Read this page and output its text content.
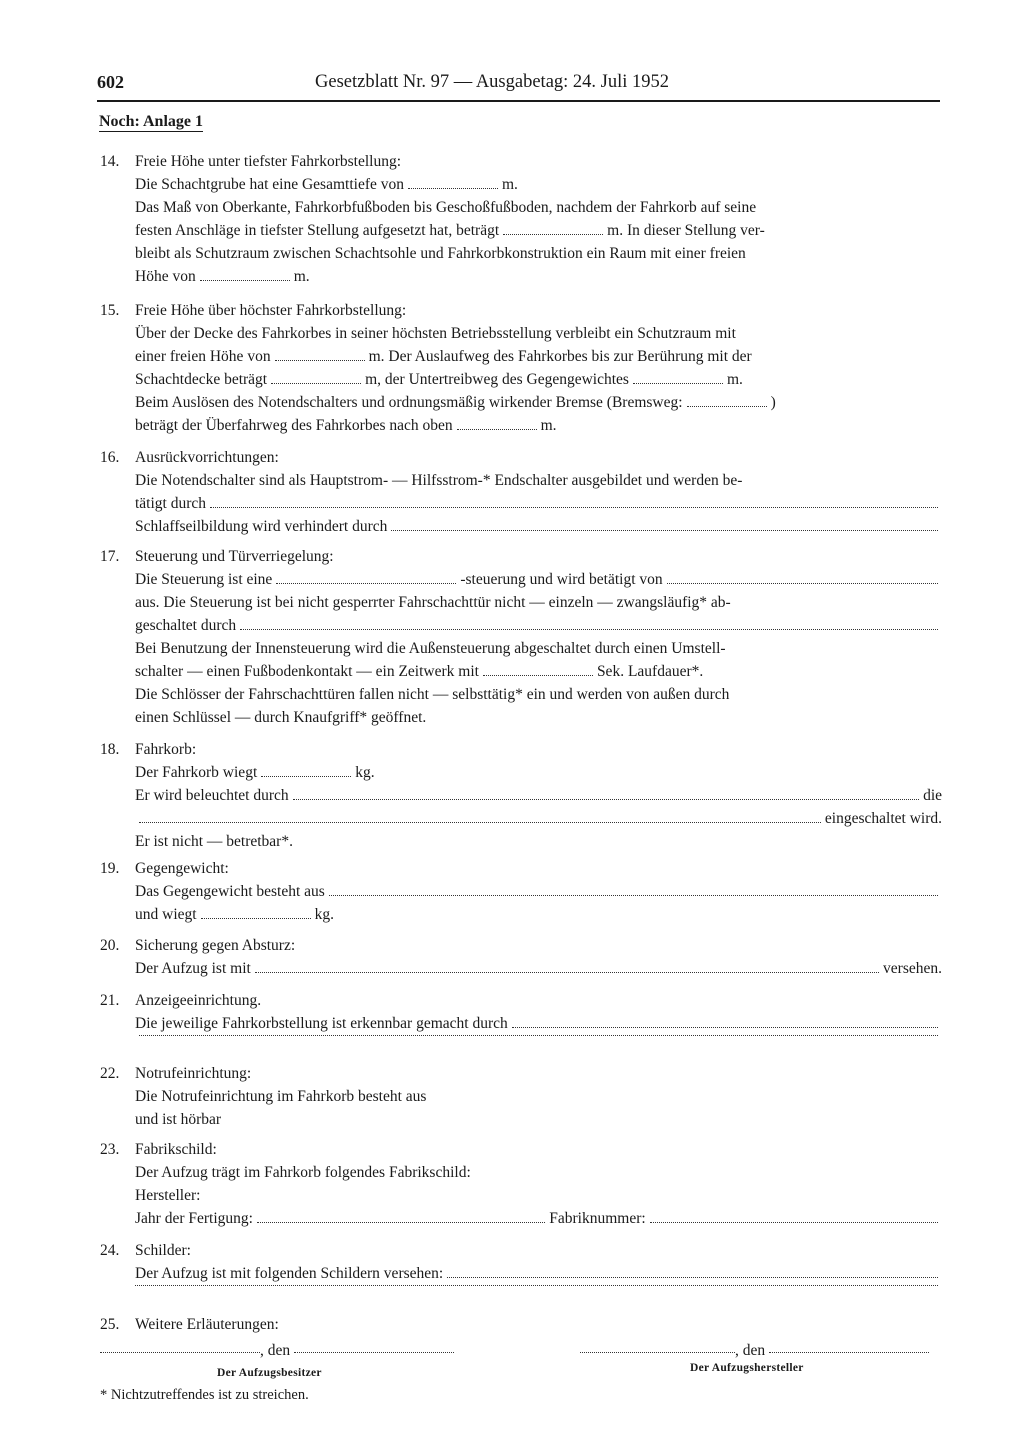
602	Gesetzblatt Nr. 97 — Ausgabetag: 24. Juli 1952
Noch: Anlage 1
14.	Freie Höhe unter tiefster Fahrkorbstellung:
Die Schachtgrube hat eine Gesamttiefe von	m.
Das Maß von Oberkante, Fahrkorbfußboden bis Geschoßfußboden, nachdem der Fahrkorb auf seine
festen Anschläge in tiefster Stellung aufgesetzt hat, beträgt	m. In dieser Stellung ver-
bleibt als Schutzraum zwischen Schachtsohle und Fahrkorbkonstruktion ein Raum mit einer freien
Höhe von	m.
15.	Freie Höhe über höchster Fahrkorbstellung:
Über der Decke des Fahrkorbes in seiner höchsten Betriebsstellung verbleibt ein Schutzraum mit
einer freien Höhe von	m. Der Auslaufweg des Fahrkorbes bis zur Berührung mit der
Schachtdecke beträgt	m, der Untertreibweg des Gegengewichtes	m.
Beim Auslösen des Notendschalters und ordnungsmäßig wirkender Bremse (Bremsweg:	)
beträgt der Überfahrweg des Fahrkorbes nach oben	m.
16.	Ausrückvorrichtungen:
Die Notendschalter sind als Hauptstrom- — Hilfsstrom-* Endschalter ausgebildet und werden be-
tätigt durch
Schlaffseilbildung wird verhindert durch
17.	Steuerung und Türverriegelung:
Die Steuerung ist eine	-steuerung und wird betätigt von
aus. Die Steuerung ist bei nicht gesperrter Fahrschachttür nicht — einzeln — zwangsläufig* ab-
geschaltet durch
Bei Benutzung der Innensteuerung wird die Außensteuerung abgeschaltet durch einen Umstell-
schalter — einen Fußbodenkontakt — ein Zeitwerk mit	Sek. Laufdauer*.
Die Schlösser der Fahrschachttüren fallen nicht — selbsttätig* ein und werden von außen durch
einen Schlüssel — durch Knaufgriff* geöffnet.
18.	Fahrkorb:
Der Fahrkorb wiegt	kg.
Er wird beleuchtet durch	die
eingeschaltet wird.
Er ist nicht — betretbar*.
19.	Gegengewicht:
Das Gegengewicht besteht aus
und wiegt	kg.
20.	Sicherung gegen Absturz:
Der Aufzug ist mit	versehen.
21.	Anzeigeeinrichtung.
Die jeweilige Fahrkorbstellung ist erkennbar gemacht durch
22.	Notrufeinrichtung:
Die Notrufeinrichtung im Fahrkorb besteht aus
und ist hörbar
23.	Fabrikschild:
Der Aufzug trägt im Fahrkorb folgendes Fabrikschild:
Hersteller:
Jahr der Fertigung:	Fabriknummer:
24.	Schilder:
Der Aufzug ist mit folgenden Schildern versehen:
25.	Weitere Erläuterungen:
, den
Der Aufzugsbesitzer
, den
Der Aufzugshersteller
* Nichtzutreffendes ist zu streichen.
